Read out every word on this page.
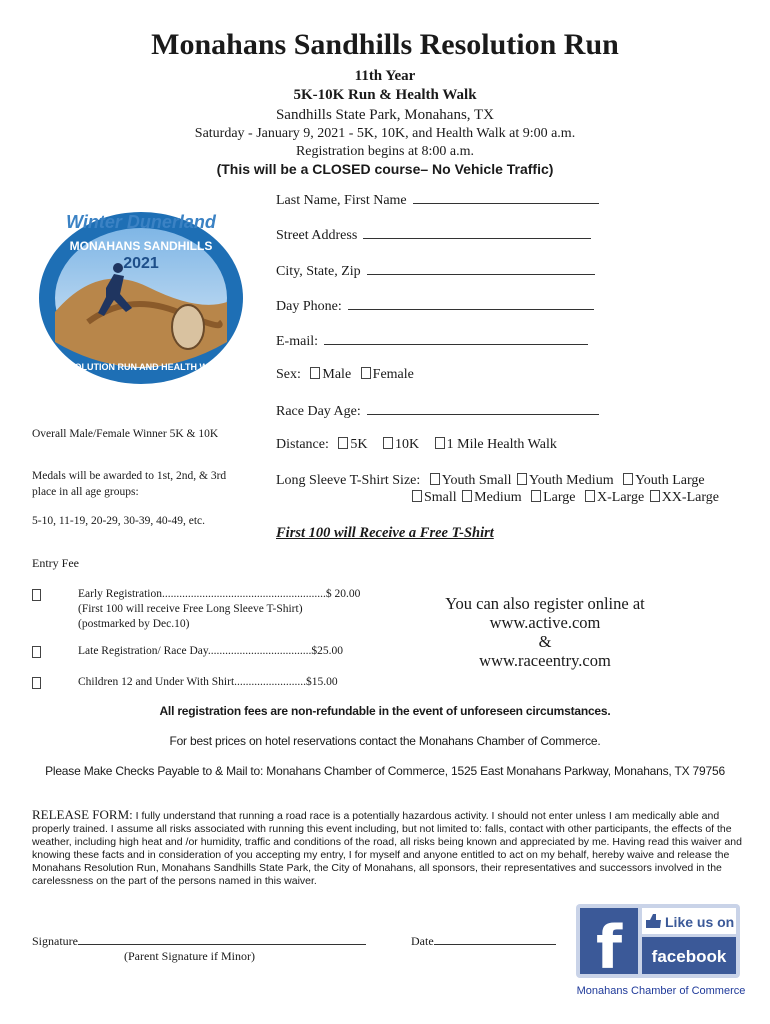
Monahans Sandhills Resolution Run
11th Year
5K-10K Run & Health Walk
Sandhills State Park, Monahans, TX
Saturday - January 9, 2021 - 5K, 10K, and Health Walk at 9:00 a.m.
Registration begins at 8:00 a.m.
(This will be a CLOSED course– No Vehicle Traffic)
Winter Dunerland
MONAHANS SANDHILLS
2021
RESOLUTION RUN AND HEALTH WALK
Last Name, First Name
Street Address
City, State, Zip
Day Phone:
E-mail:
Sex: Male Female
Race Day Age:
Distance: 5K 10K 1 Mile Health Walk
Long Sleeve T-Shirt Size: Youth Small Youth Medium Youth Large
Small Medium Large X-Large XX-Large
First 100 will Receive a Free T-Shirt
Overall Male/Female Winner 5K & 10K
Medals will be awarded to 1st, 2nd, & 3rd place in all age groups:
5-10, 11-19, 20-29, 30-39, 40-49, etc.
Entry Fee
Early Registration.........................................................$ 20.00
(First 100 will receive Free Long Sleeve T-Shirt)
(postmarked by Dec.10)
Late Registration/ Race Day....................................$25.00
Children 12 and Under With Shirt.........................$15.00
You can also register online at
www.active.com
&
www.raceentry.com
All registration fees are non-refundable in the event of unforeseen circumstances.
For best prices on hotel reservations contact the Monahans Chamber of Commerce.
Please Make Checks Payable to & Mail to: Monahans Chamber of Commerce, 1525 East Monahans Parkway, Monahans, TX 79756
RELEASE FORM: I fully understand that running a road race is a potentially hazardous activity. I should not enter unless I am medically able and properly trained. I assume all risks associated with running this event including, but not limited to: falls, contact with other participants, the effects of the weather, including high heat and /or humidity, traffic and conditions of the road, all risks being known and appreciated by me. Having read this waiver and knowing these facts and in consideration of you accepting my entry, I for myself and anyone entitled to act on my behalf, hereby waive and release the Monahans Resolution Run, Monahans Sandhills State Park, the City of Monahans, all sponsors, their representatives and successors involved in the carelessness on the part of the persons named in this waiver.
Signature
(Parent Signature if Minor)
Date	f	Like us on
facebook
Monahans Chamber of Commerce
